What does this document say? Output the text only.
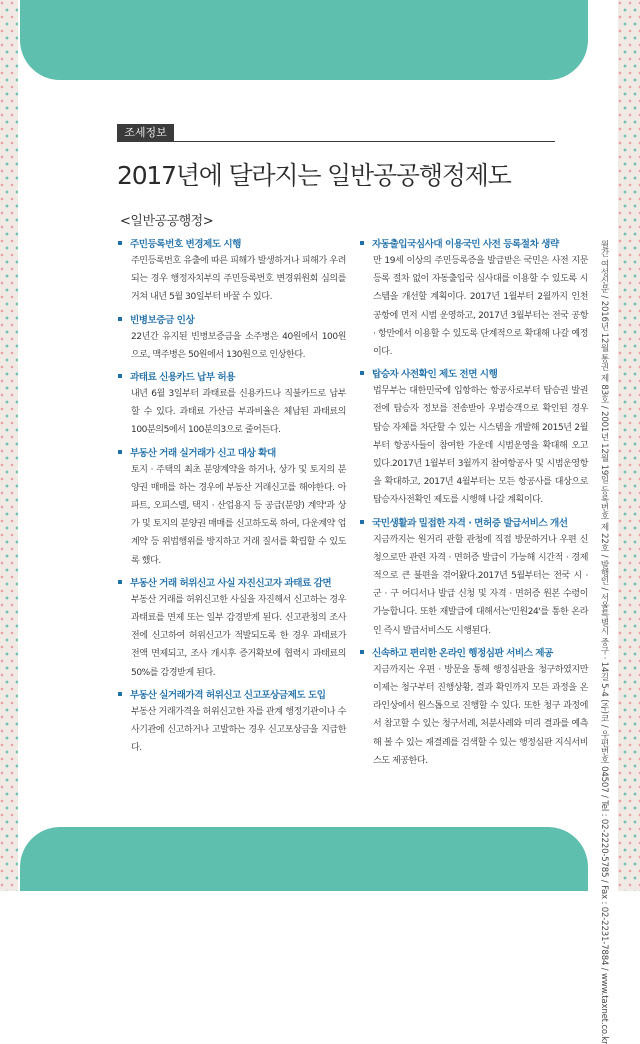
월간 여성신문 / 2016년 12월 통권 제 83호 / 2001년 12월 19일 등록번호 제 22호 / 발행인 / 서울특별시 중구 · 14길 5-4 (주)코 / 우편번호 04507 / Tel : 02-2220-5785 / Fax : 02-2231-7884 / www.taxnet.co.kr
조세정보
2017년에 달라지는 일반공공행정제도
<일반공공행정>
주민등록번호 변경제도 시행
주민등록번호 유출에 따른 피해가 발생하거나 피해가 우려되는 경우 행정자치부의 주민등록번호 변경위원회 심의를 거쳐 내년 5월 30일부터 바꿀 수 있다.
빈병보증금 인상
22년간 유지된 빈병보증금을 소주병은 40원에서 100원으로, 맥주병은 50원에서 130원으로 인상한다.
과태료 신용카드 납부 허용
내년 6월 3일부터 과태료를 신용카드나 직불카드로 납부할 수 있다. 과태료 가산금 부과비율은 체납된 과태료의 100분의5에서 100분의3으로 줄어든다.
부동산 거래 실거래가 신고 대상 확대
토지 · 주택의 최초 분양계약을 하거나, 상가 및 토지의 분양권 매매를 하는 경우에 부동산 거래신고를 해야한다. 아파트, 오피스텔, 택지 · 산업용지 등 공급(분양) 계약'과 상가 및 토지의 분양권 매매를 신고하도록 하여, 다운계약 업계약 등 위법행위를 방지하고 거래 질서를 확립할 수 있도록 했다.
부동산 거래 허위신고 사실 자진신고자 과태료 감면
부동산 거래를 허위신고한 사실을 자진해서 신고하는 경우 과태료를 면제 또는 일부 감경받게 된다. 신고관청의 조사 전에 신고하여 허위신고가 적발되도록 한 경우 과태료가 전액 면제되고, 조사 개시후 증거확보에 협력시 과태료의 50%를 감경받게 된다.
부동산 실거래가격 허위신고 신고포상금제도 도입
부동산 거래가격을 허위신고한 자를 관계 행정기관이나 수사기관에 신고하거나 고발하는 경우 신고포상금을 지급한다.
자동출입국심사대 이용국민 사전 등록절차 생략
만 19세 이상의 주민등록증을 발급받은 국민은 사전 지문 등록 절차 없이 자동출입국 심사대를 이용할 수 있도록 시스템을 개선할 계획이다. 2017년 1월부터 2월까지 인천공항에 먼저 시범 운영하고, 2017년 3월부터는 전국 공항 · 항만에서 이용할 수 있도록 단계적으로 확대해 나갈 예정이다.
탑승자 사전확인 제도 전면 시행
법무부는 대한민국에 입항하는 항공사로부터 탑승권 발권 전에 탑승자 정보를 전송받아 우범승객으로 확인된 경우 탑승 자체를 차단할 수 있는 시스템을 개발해 2015년 2월부터 항공사들이 참여한 가운데 시범운영을 확대해 오고 있다.2017년 1월부터 3월까지 참여항공사 및 시범운영항을 확대하고, 2017년 4월부터는 모든 항공사를 대상으로 탑승자사전확인 제도를 시행해 나갈 계획이다.
국민생활과 밀접한 자격 · 면허증 발급서비스 개선
지금까지는 원거리 관할 관청에 직접 방문하거나 우편 신청으로만 관련 자격 · 면허증 발급이 가능해 시간적 · 경제적으로 큰 불편을 겪어왔다.2017년 5월부터는 전국 시 · 군 · 구 어디서나 발급 신청 및 자격 · 면허증 원본 수령이 가능합니다. 또한 재발급에 대해서는'민원24'를 통한 온라인 즉시 발급서비스도 시행된다.
신속하고 편리한 온라인 행정심판 서비스 제공
지금까지는 우편 · 방문을 통해 행정심판을 청구하였지만 이제는 청구부터 진행상황, 결과 확인까지 모든 과정을 온라인상에서 원스톱으로 진행할 수 있다. 또한 청구 과정에서 참고할 수 있는 청구서례, 처분사례와 미리 결과를 예측해 볼 수 있는 재결례를 검색할 수 있는 행정심판 지식서비스도 제공한다.
